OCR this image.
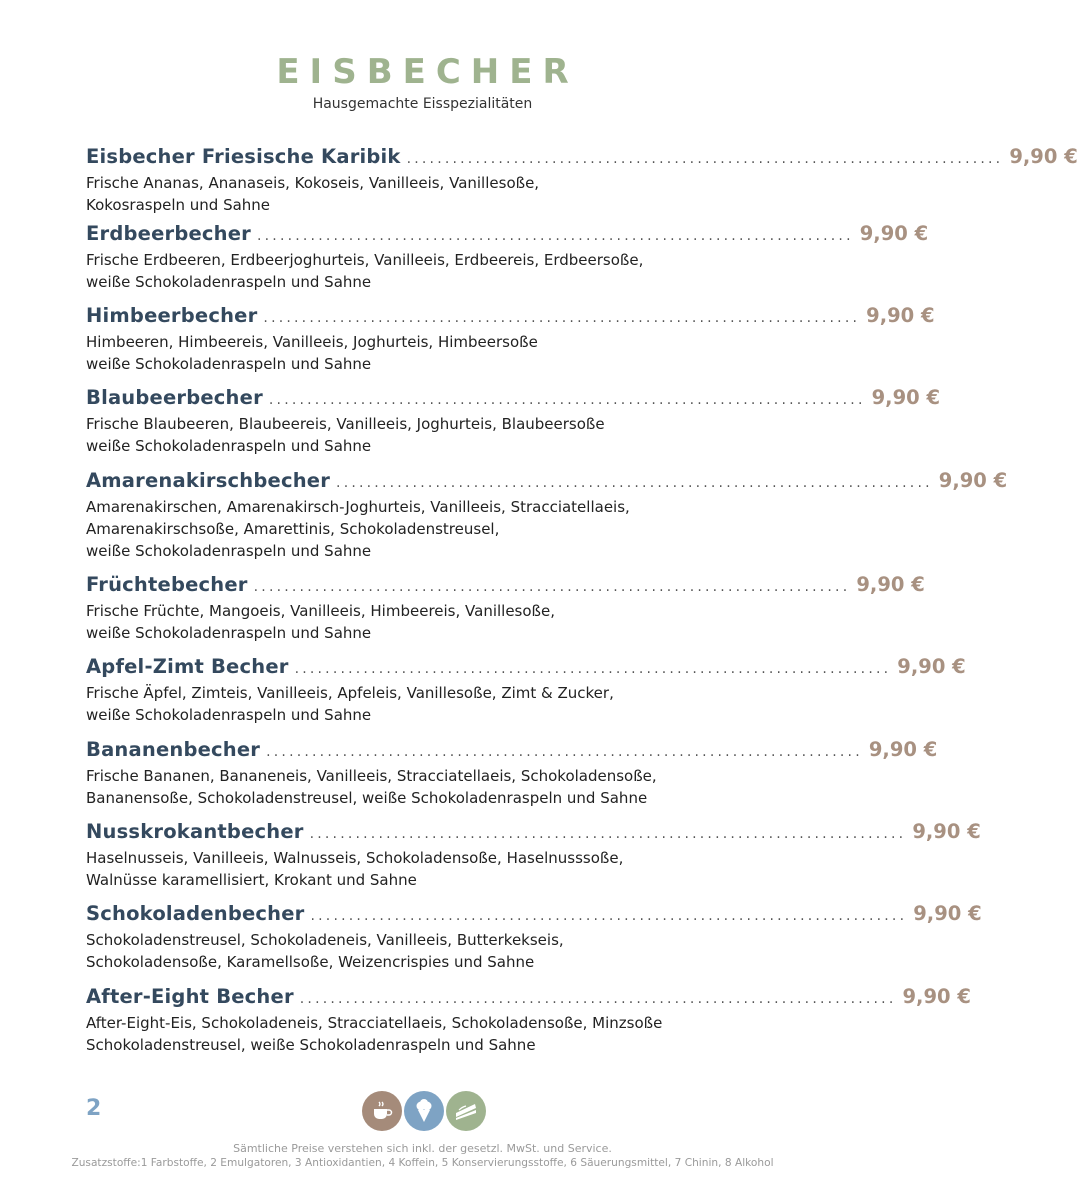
EISBECHER
Hausgemachte Eisspezialitäten
Eisbecher Friesische Karibik .............................................................................. 9,90 €
Frische Ananas, Ananaseis, Kokoseis, Vanilleeis, Vanillesoße,
Kokosraspeln und Sahne
Erdbeerbecher .............................................................................. 9,90 €
Frische Erdbeeren, Erdbeerjoghurteis, Vanilleeis, Erdbeereis, Erdbeersoße,
weiße Schokoladenraspeln und Sahne
Himbeerbecher .............................................................................. 9,90 €
Himbeeren, Himbeereis, Vanilleeis, Joghurteis, Himbeersoße
weiße Schokoladenraspeln und Sahne
Blaubeerbecher .............................................................................. 9,90 €
Frische Blaubeeren, Blaubeereis, Vanilleeis, Joghurteis, Blaubeersoße
weiße Schokoladenraspeln und Sahne
Amarenakirschbecher .............................................................................. 9,90 €
Amarenakirschen, Amarenakirsch-Joghurteis, Vanilleeis, Stracciatellaeis,
Amarenakirschsoße, Amarettinis, Schokoladenstreusel,
weiße Schokoladenraspeln und Sahne
Früchtebecher .............................................................................. 9,90 €
Frische Früchte, Mangoeis, Vanilleeis, Himbeereis, Vanillesoße,
weiße Schokoladenraspeln und Sahne
Apfel-Zimt Becher .............................................................................. 9,90 €
Frische Äpfel, Zimteis, Vanilleeis, Apfeleis, Vanillesoße, Zimt & Zucker,
weiße Schokoladenraspeln und Sahne
Bananenbecher .............................................................................. 9,90 €
Frische Bananen, Bananeneis, Vanilleeis, Stracciatellaeis, Schokoladensoße,
Bananensoße, Schokoladenstreusel, weiße Schokoladenraspeln und Sahne
Nusskrokantbecher .............................................................................. 9,90 €
Haselnusseis, Vanilleeis, Walnusseis, Schokoladensoße, Haselnusssoße,
Walnüsse karamellisiert, Krokant und Sahne
Schokoladenbecher .............................................................................. 9,90 €
Schokoladenstreusel, Schokoladeneis, Vanilleeis, Butterkekseis,
Schokoladensoße, Karamellsoße, Weizencrispies und Sahne
After-Eight Becher .............................................................................. 9,90 €
After-Eight-Eis, Schokoladeneis, Stracciatellaeis, Schokoladensoße, Minzsoße
Schokoladenstreusel, weiße Schokoladenraspeln und Sahne
2
Sämtliche Preise verstehen sich inkl. der gesetzl. MwSt. und Service.
Zusatzstoffe:1 Farbstoffe, 2 Emulgatoren, 3 Antioxidantien, 4 Koffein, 5 Konservierungsstoffe, 6 Säuerungsmittel, 7 Chinin, 8 Alkohol
